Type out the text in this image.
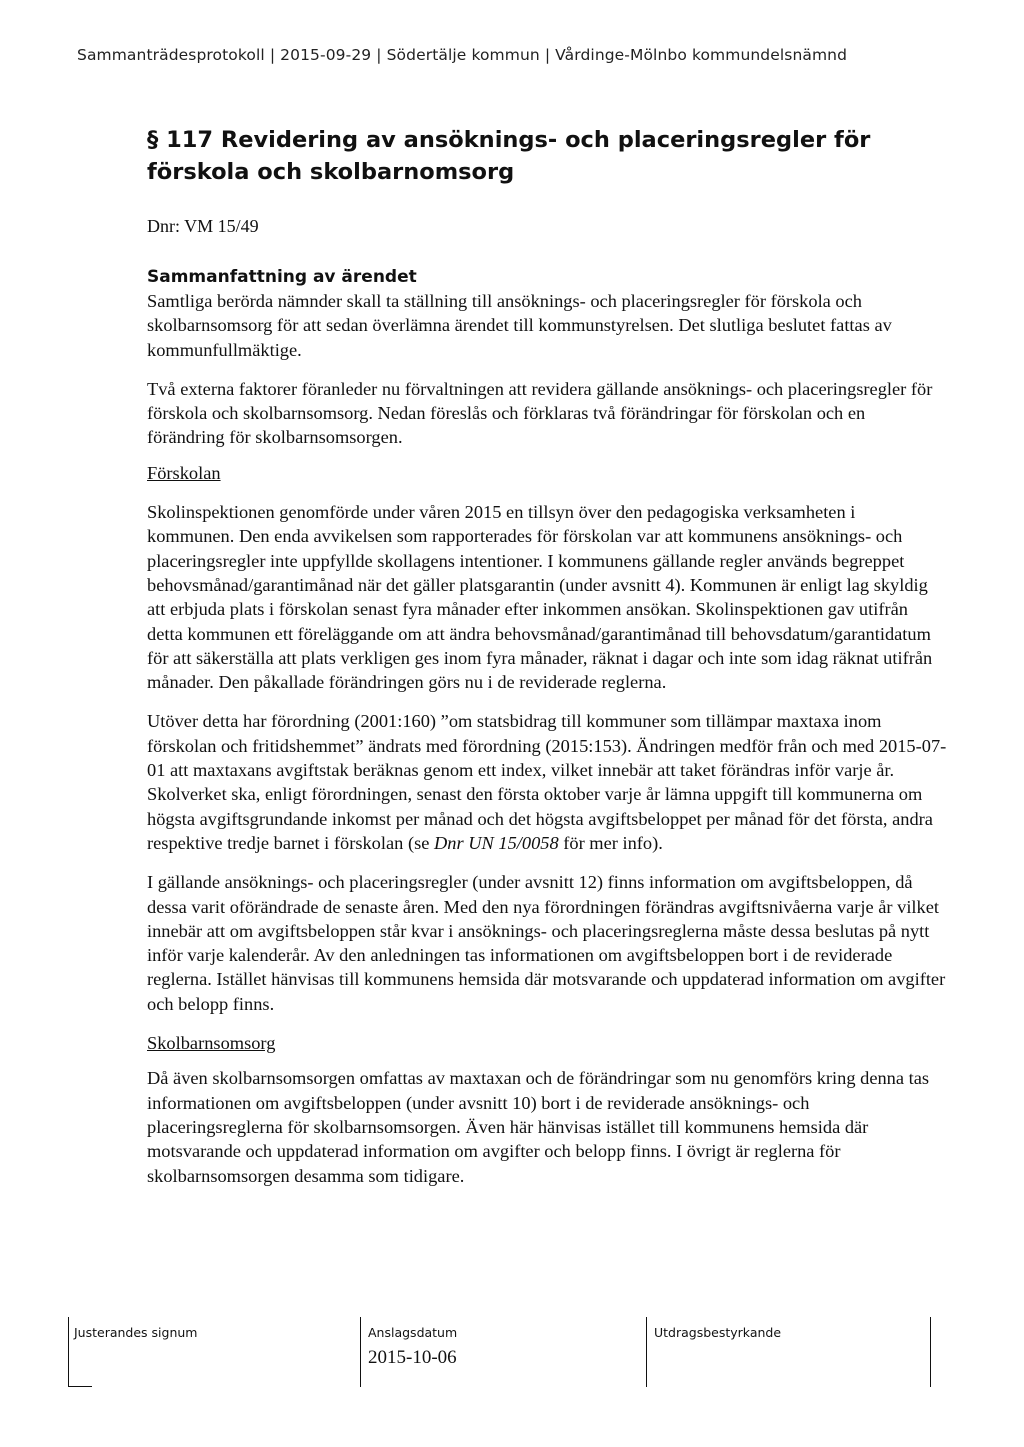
Sammanträdesprotokoll | 2015-09-29 | Södertälje kommun | Vårdinge-Mölnbo kommundelsnämnd
§ 117 Revidering av ansöknings- och placeringsregler för förskola och skolbarnomsorg
Dnr: VM 15/49
Sammanfattning av ärendet

Samtliga berörda nämnder skall ta ställning till ansöknings- och placeringsregler för förskola och skolbarnsomsorg för att sedan överlämna ärendet till kommunstyrelsen. Det slutliga beslutet fattas av kommunfullmäktige.

Två externa faktorer föranleder nu förvaltningen att revidera gällande ansöknings- och placeringsregler för förskola och skolbarnsomsorg. Nedan föreslås och förklaras två förändringar för förskolan och en förändring för skolbarnsomsorgen.

Förskolan

Skolinspektionen genomförde under våren 2015 en tillsyn över den pedagogiska verksamheten i kommunen. Den enda avvikelsen som rapporterades för förskolan var att kommunens ansöknings- och placeringsregler inte uppfyllde skollagens intentioner. I kommunens gällande regler används begreppet behovsmånad/garantimånad när det gäller platsgarantin (under avsnitt 4). Kommunen är enligt lag skyldig att erbjuda plats i förskolan senast fyra månader efter inkommen ansökan. Skolinspektionen gav utifrån detta kommunen ett föreläggande om att ändra behovsmånad/garantimånad till behovsdatum/garantidatum för att säkerställa att plats verkligen ges inom fyra månader, räknat i dagar och inte som idag räknat utifrån månader. Den påkallade förändringen görs nu i de reviderade reglerna.

Utöver detta har förordning (2001:160) ”om statsbidrag till kommuner som tillämpar maxtaxa inom förskolan och fritidshemmet” ändrats med förordning (2015:153). Ändringen medför från och med 2015-07-01 att maxtaxans avgiftstak beräknas genom ett index, vilket innebär att taket förändras inför varje år. Skolverket ska, enligt förordningen, senast den första oktober varje år lämna uppgift till kommunerna om högsta avgiftsgrundande inkomst per månad och det högsta avgiftsbeloppet per månad för det första, andra respektive tredje barnet i förskolan (se Dnr UN 15/0058 för mer info).

I gällande ansöknings- och placeringsregler (under avsnitt 12) finns information om avgiftsbeloppen, då dessa varit oförändrade de senaste åren. Med den nya förordningen förändras avgiftsnivåerna varje år vilket innebär att om avgiftsbeloppen står kvar i ansöknings- och placeringsreglerna måste dessa beslutas på nytt inför varje kalenderår. Av den anledningen tas informationen om avgiftsbeloppen bort i de reviderade reglerna. Istället hänvisas till kommunens hemsida där motsvarande och uppdaterad information om avgifter och belopp finns.

Skolbarnsomsorg

Då även skolbarnsomsorgen omfattas av maxtaxan och de förändringar som nu genomförs kring denna tas informationen om avgiftsbeloppen (under avsnitt 10) bort i de reviderade ansöknings- och placeringsreglerna för skolbarnsomsorgen. Även här hänvisas istället till kommunens hemsida där motsvarande och uppdaterad information om avgifter och belopp finns. I övrigt är reglerna för skolbarnsomsorgen desamma som tidigare.

Justerandes signum	Anslagsdatum
2015-10-06
Utdragsbestyrkande
